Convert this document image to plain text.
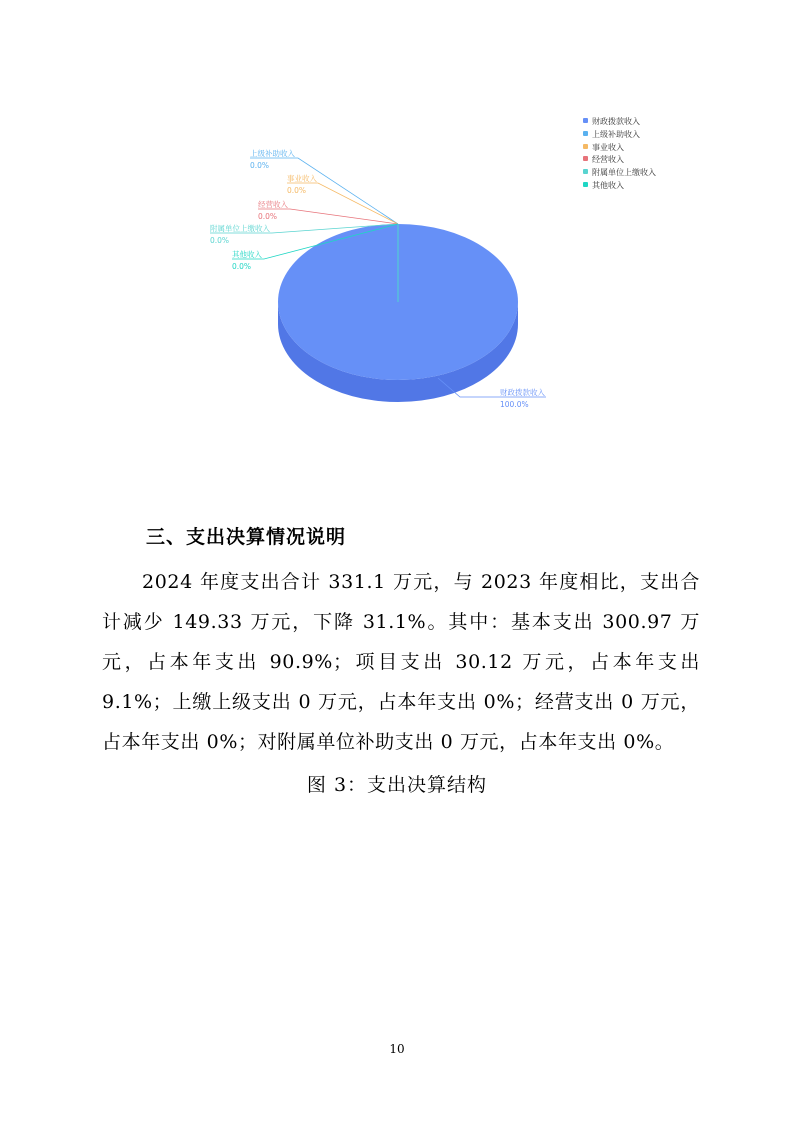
财政拨款收入
100.0%
上级补助收入
0.0%
事业收入
0.0%
经营收入
0.0%
附属单位上缴收入
0.0%
其他收入
0.0%
财政拨款收入
上级补助收入
事业收入
经营收入
附属单位上缴收入
其他收入
三、支出决算情况说明
2024 年度支出合计 331.1 万元，与 2023 年度相比，支出合计减少 149.33 万元，下降 31.1%。其中：基本支出 300.97 万元，占本年支出 90.9%；项目支出 30.12 万元，占本年支出 9.1%；上缴上级支出 0 万元，占本年支出 0%；经营支出 0 万元，占本年支出 0%；对附属单位补助支出 0 万元，占本年支出 0%。
图 3：支出决算结构
10
